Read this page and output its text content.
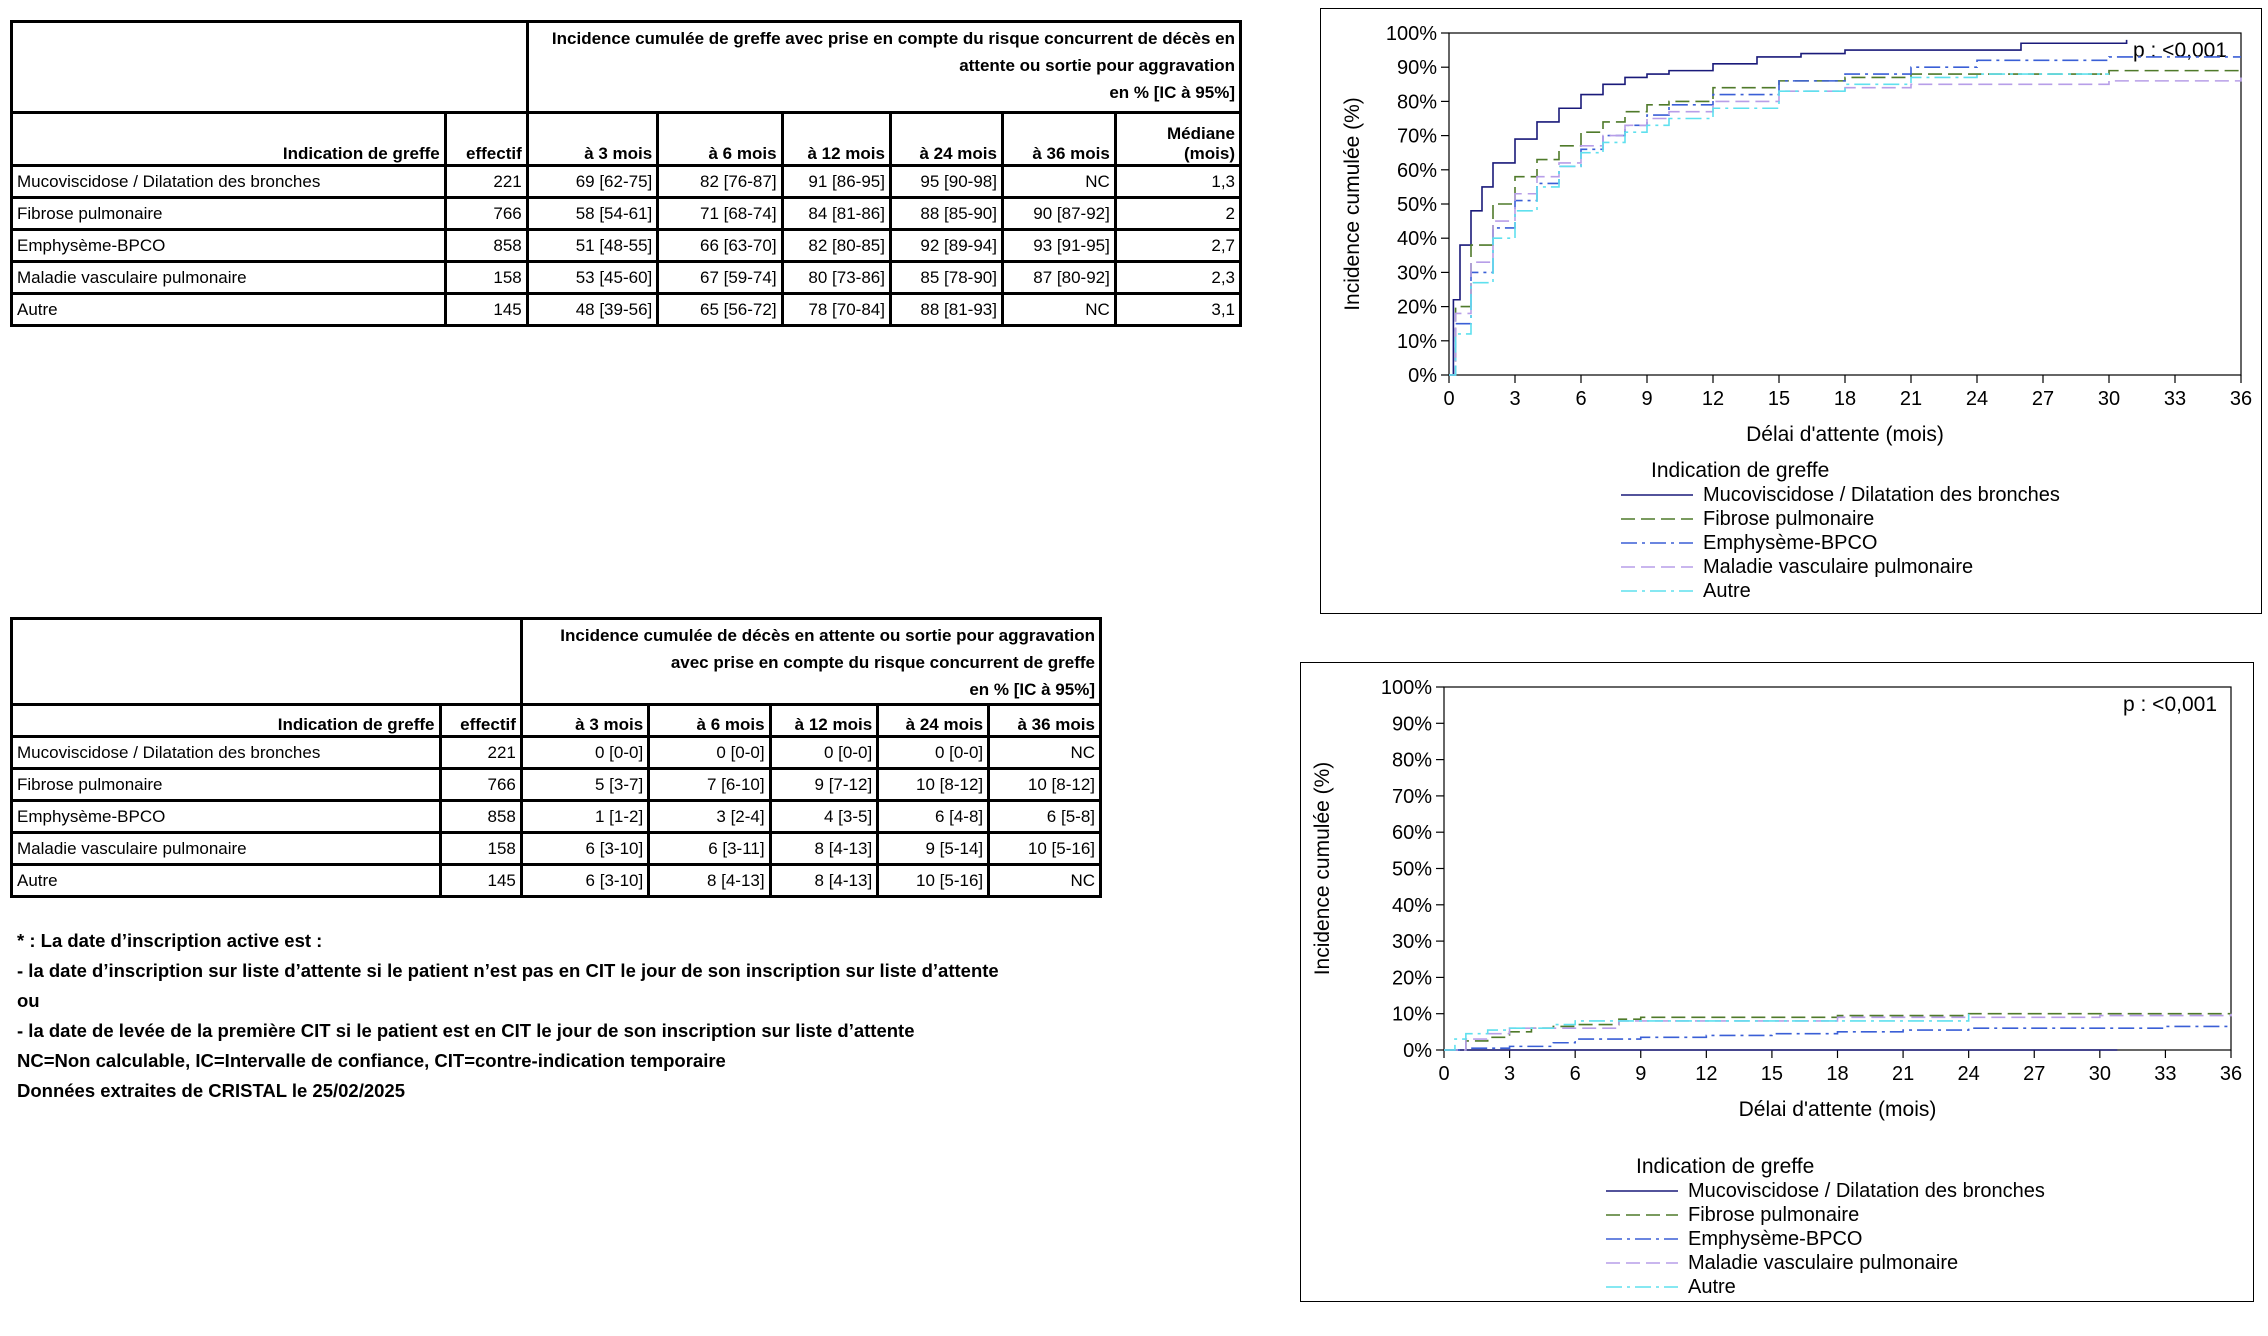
		Incidence cumulée de greffe avec prise en compte du risque concurrent de décès en attente ou sortie pour aggravation
en % [IC à 95%]					
Indication de greffe	effectif	à 3 mois	à 6 mois	à 12 mois	à 24 mois	à 36 mois	Médiane (mois)
Mucoviscidose / Dilatation des bronches	221	69 [62-75]	82 [76-87]	91 [86-95]	95 [90-98]	NC	1,3
Fibrose pulmonaire	766	58 [54-61]	71 [68-74]	84 [81-86]	88 [85-90]	90 [87-92]	2
Emphysème-BPCO	858	51 [48-55]	66 [63-70]	82 [80-85]	92 [89-94]	93 [91-95]	2,7
Maladie vasculaire pulmonaire	158	53 [45-60]	67 [59-74]	80 [73-86]	85 [78-90]	87 [80-92]	2,3
Autre	145	48 [39-56]	65 [56-72]	78 [70-84]	88 [81-93]	NC	3,1
		Incidence cumulée de décès en attente ou sortie pour aggravation avec prise en compte du risque concurrent de greffe
en % [IC à 95%]				
Indication de greffe	effectif	à 3 mois	à 6 mois	à 12 mois	à 24 mois	à 36 mois
Mucoviscidose / Dilatation des bronches	221	0 [0-0]	0 [0-0]	0 [0-0]	0 [0-0]	NC
Fibrose pulmonaire	766	5 [3-7]	7 [6-10]	9 [7-12]	10 [8-12]	10 [8-12]
Emphysème-BPCO	858	1 [1-2]	3 [2-4]	4 [3-5]	6 [4-8]	6 [5-8]
Maladie vasculaire pulmonaire	158	6 [3-10]	6 [3-11]	8 [4-13]	9 [5-14]	10 [5-16]
Autre	145	6 [3-10]	8 [4-13]	8 [4-13]	10 [5-16]	NC
* : La date d’inscription active est :
- la date d’inscription sur liste d’attente si le patient n’est pas en CIT le jour de son inscription sur liste d’attente
ou
- la date de levée de la première CIT si le patient est en CIT le jour de son inscription sur liste d’attente
NC=Non calculable, IC=Intervalle de confiance, CIT=contre-indication temporaire
Données extraites de CRISTAL le 25/02/2025
0%
10%
20%
30%
40%
50%
60%
70%
80%
90%
100%
0	3	6	9 12 15 18 21 24 27 30 33 36
Délai d'attente (mois)
Incidence cumulée (%)
p : <0,001
Indication de greffe
Mucoviscidose / Dilatation des bronches
Fibrose pulmonaire
Emphysème-BPCO
Maladie vasculaire pulmonaire
Autre
0%
10%
20%
30%
40%
50%
60%
70%
80%
90%
100%
0	3	6	9 12 15 18 21 24 27 30 33 36
Délai d'attente (mois)
Incidence cumulée (%)
p : <0,001
Indication de greffe
Mucoviscidose / Dilatation des bronches
Fibrose pulmonaire
Emphysème-BPCO
Maladie vasculaire pulmonaire
Autre
